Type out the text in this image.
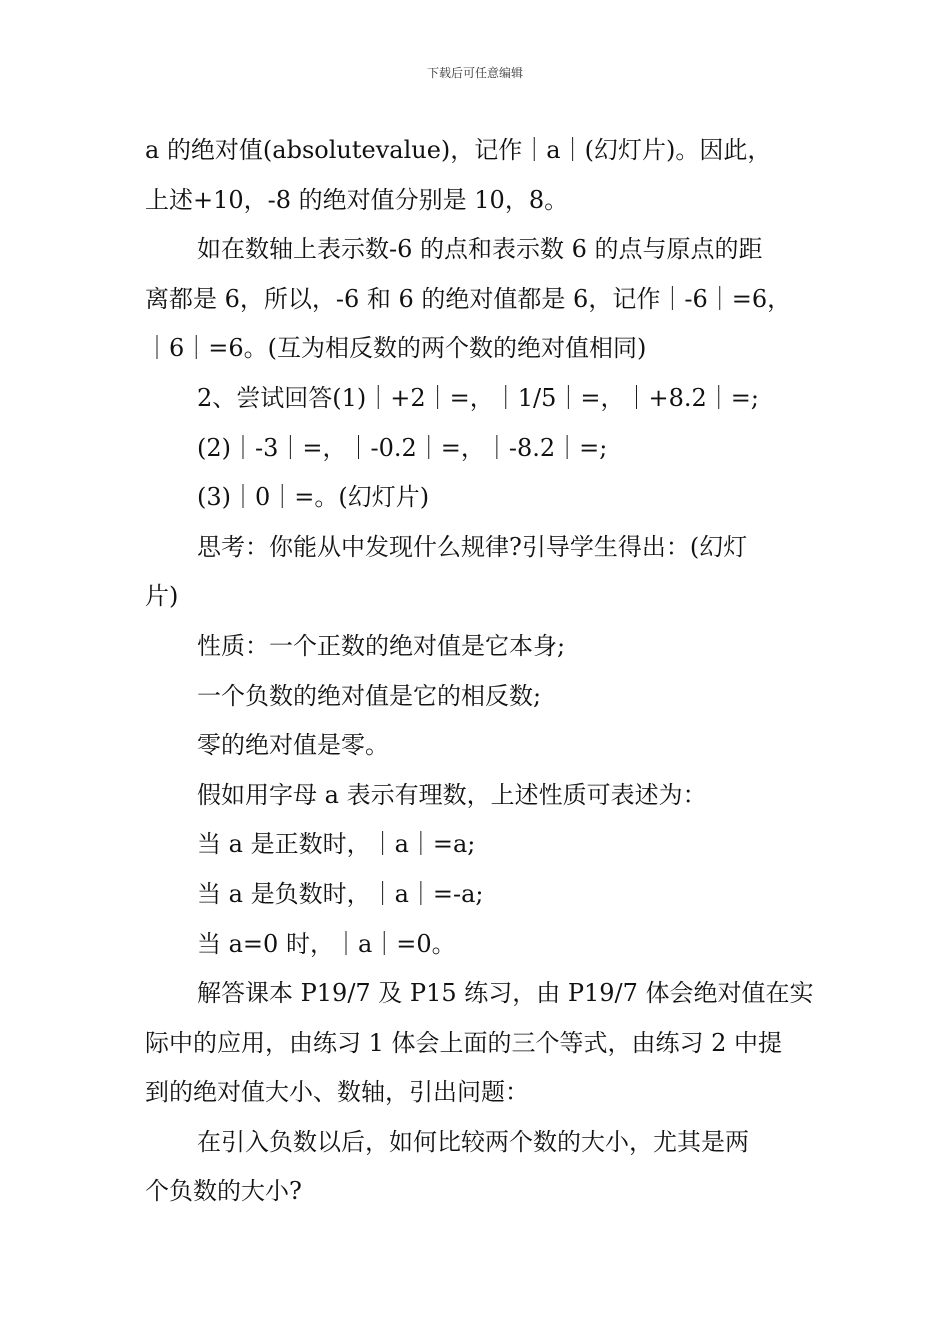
下载后可任意编辑
a 的绝对值(absolutevalue)，记作｜a｜(幻灯片)。因此，
上述+10，-8 的绝对值分别是 10，8。
如在数轴上表示数-6 的点和表示数 6 的点与原点的距
离都是 6，所以，-6 和 6 的绝对值都是 6，记作｜-6｜=6，
｜6｜=6。(互为相反数的两个数的绝对值相同)
2、尝试回答(1)｜+2｜=，｜1/5｜=，｜+8.2｜=;
(2)｜-3｜=，｜-0.2｜=，｜-8.2｜=;
(3)｜0｜=。(幻灯片)
思考：你能从中发现什么规律?引导学生得出：(幻灯
片)
性质：一个正数的绝对值是它本身;
一个负数的绝对值是它的相反数;
零的绝对值是零。
假如用字母 a 表示有理数，上述性质可表述为：
当 a 是正数时，｜a｜=a;
当 a 是负数时，｜a｜=-a;
当 a=0 时，｜a｜=0。
解答课本 P19/7 及 P15 练习，由 P19/7 体会绝对值在实
际中的应用，由练习 1 体会上面的三个等式，由练习 2 中提
到的绝对值大小、数轴，引出问题：
在引入负数以后，如何比较两个数的大小，尤其是两
个负数的大小?
